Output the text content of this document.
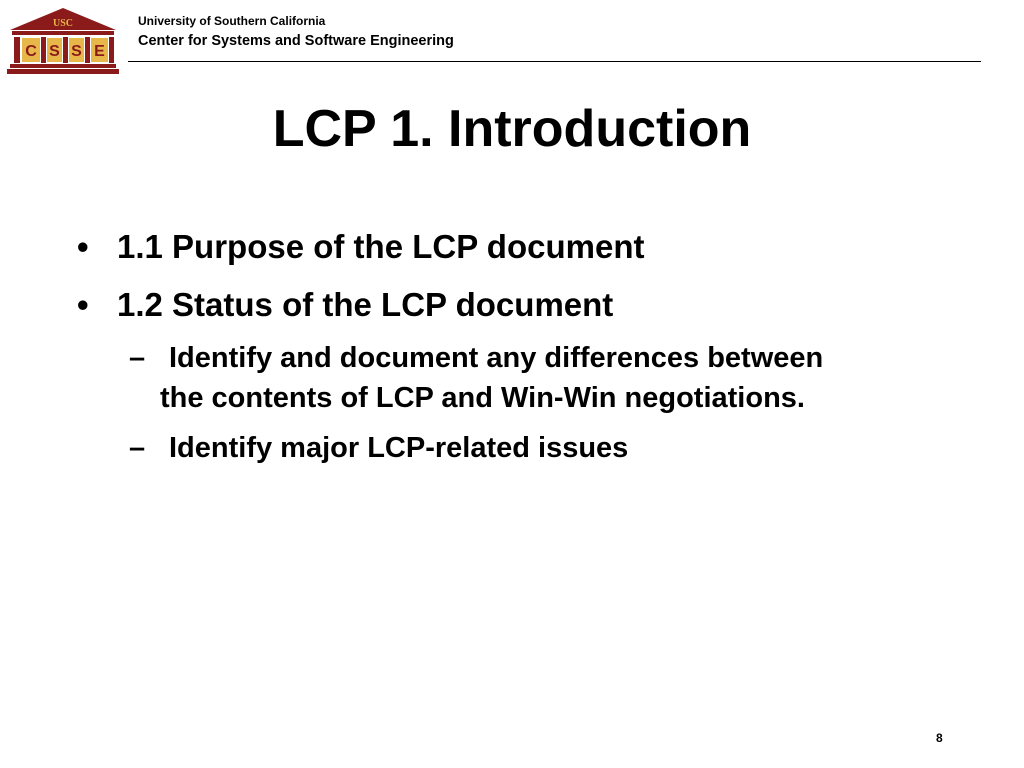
USC
C S S E
University of Southern California
Center for Systems and Software Engineering
LCP 1. Introduction
• 1.1 Purpose of the LCP document
• 1.2 Status of the LCP document
– Identify and document any differences between
the contents of LCP and Win-Win negotiations.
– Identify major LCP-related issues
8
